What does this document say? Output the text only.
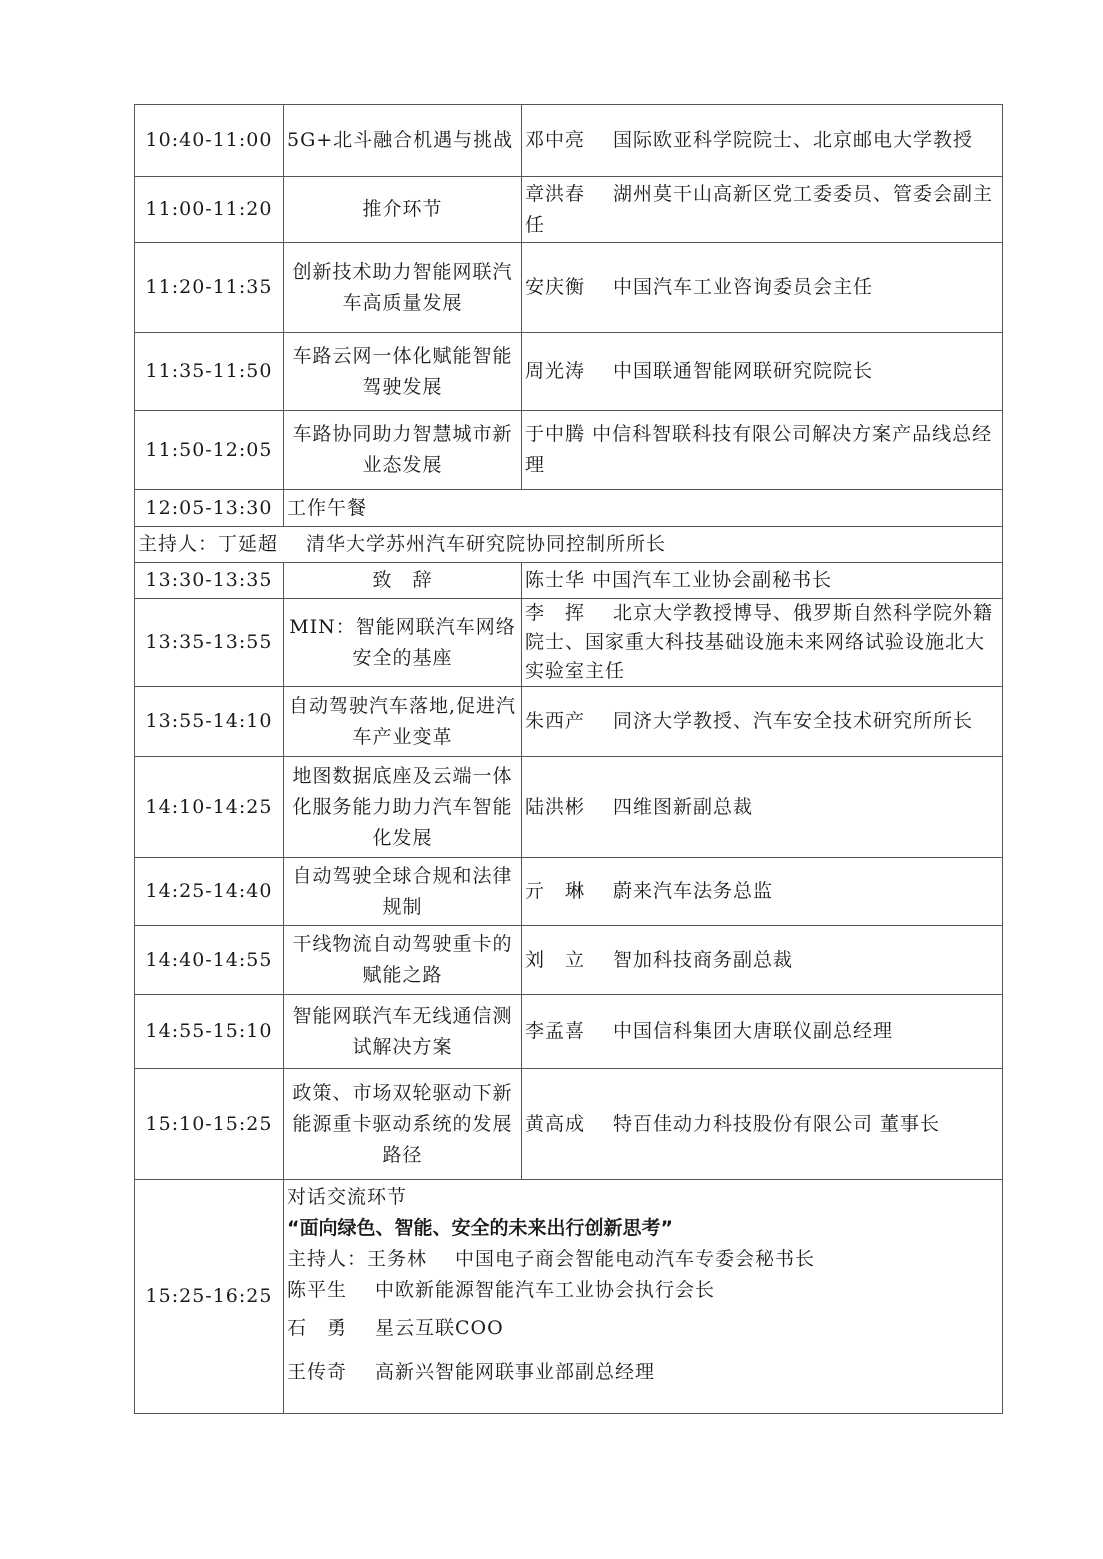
10:40-11:00	5G+北斗融合机遇与挑战	邓中亮 国际欧亚科学院院士、北京邮电大学教授
11:00-11:20	推介环节	章洪春 湖州莫干山高新区党工委委员、管委会副主任
11:20-11:35	创新技术助力智能网联汽车高质量发展	安庆衡 中国汽车工业咨询委员会主任
11:35-11:50	车路云网一体化赋能智能驾驶发展	周光涛 中国联通智能网联研究院院长
11:50-12:05	车路协同助力智慧城市新业态发展	于中腾 中信科智联科技有限公司解决方案产品线总经理
12:05-13:30	工作午餐	
主持人：丁延超 清华大学苏州汽车研究院协同控制所所长		
13:30-13:35	致　辞	陈士华 中国汽车工业协会副秘书长
13:35-13:55	MIN：智能网联汽车网络安全的基座	李　挥 北京大学教授博导、俄罗斯自然科学院外籍院士、国家重大科技基础设施未来网络试验设施北大实验室主任
13:55-14:10	自动驾驶汽车落地,促进汽车产业变革	朱西产 同济大学教授、汽车安全技术研究所所长
14:10-14:25	地图数据底座及云端一体化服务能力助力汽车智能化发展	陆洪彬 四维图新副总裁
14:25-14:40	自动驾驶全球合规和法律规制	亓　琳 蔚来汽车法务总监
14:40-14:55	干线物流自动驾驶重卡的赋能之路	刘　立 智加科技商务副总裁
14:55-15:10	智能网联汽车无线通信测试解决方案	李孟喜 中国信科集团大唐联仪副总经理
15:10-15:25	政策、市场双轮驱动下新能源重卡驱动系统的发展路径	黄高成 特百佳动力科技股份有限公司 董事长
15:25-16:25	
对话交流环节
“面向绿色、智能、安全的未来出行创新思考”
主持人：王务林 中国电子商会智能电动汽车专委会秘书长
陈平生 中欧新能源智能汽车工业协会执行会长
石　勇 星云互联COO
王传奇 高新兴智能网联事业部副总经理
